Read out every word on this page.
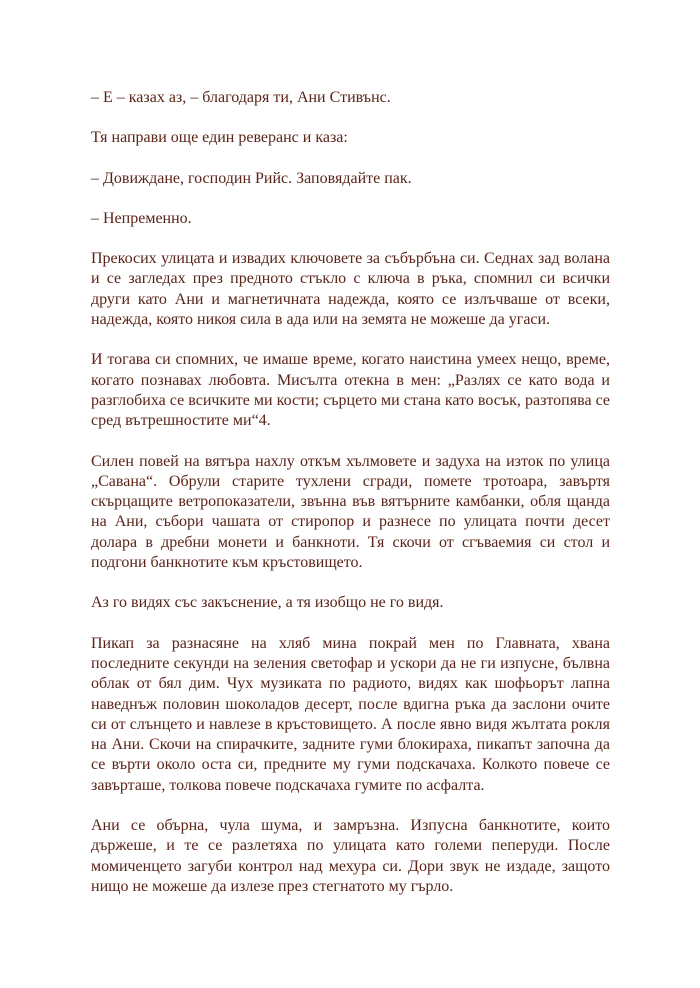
– Е – казах аз, – благодаря ти, Ани Стивънс.

Тя направи още един реверанс и каза:

– Довиждане, господин Рийс. Заповядайте пак.

– Непременно.

Прекосих улицата и извадих ключовете за събърбъна си. Седнах зад волана и се загледах през предното стъкло с ключа в ръка, спомнил си всички други като Ани и магнетичната надежда, която се излъчваше от всеки, надежда, която никоя сила в ада или на земята не можеше да угаси.

И тогава си спомних, че имаше време, когато наистина умеех нещо, време, когато познавах любовта. Мисълта отекна в мен: „Разлях се като вода и разглобиха се всичките ми кости; сърцето ми стана като восък, разтопява се сред вътрешностите ми“4.

Силен повей на вятъра нахлу откъм хълмовете и задуха на изток по улица „Савана“. Обрули старите тухлени сгради, помете тротоара, завъртя скърцащите ветропоказатели, звънна във вятърните камбанки, обля щанда на Ани, събори чашата от стиропор и разнесе по улицата почти десет долара в дребни монети и банкноти. Тя скочи от сгъваемия си стол и подгони банкнотите към кръстовището.

Аз го видях със закъснение, а тя изобщо не го видя.

Пикап за разнасяне на хляб мина покрай мен по Главната, хвана последните секунди на зеления светофар и ускори да не ги изпусне, бълвна облак от бял дим. Чух музиката по радиото, видях как шофьорът лапна наведнъж половин шоколадов десерт, после вдигна ръка да заслони очите си от слънцето и навлезе в кръстовището. А после явно видя жълтата рокля на Ани. Скочи на спирачките, задните гуми блокираха, пикапът започна да се върти около оста си, предните му гуми подскачаха. Колкото повече се завърташе, толкова повече подскачаха гумите по асфалта.

Ани се обърна, чула шума, и замръзна. Изпусна банкнотите, които държеше, и те се разлетяха по улицата като големи пеперуди. После момиченцето загуби контрол над мехура си. Дори звук не издаде, защото нищо не можеше да излезе през стегнатото му гърло.
